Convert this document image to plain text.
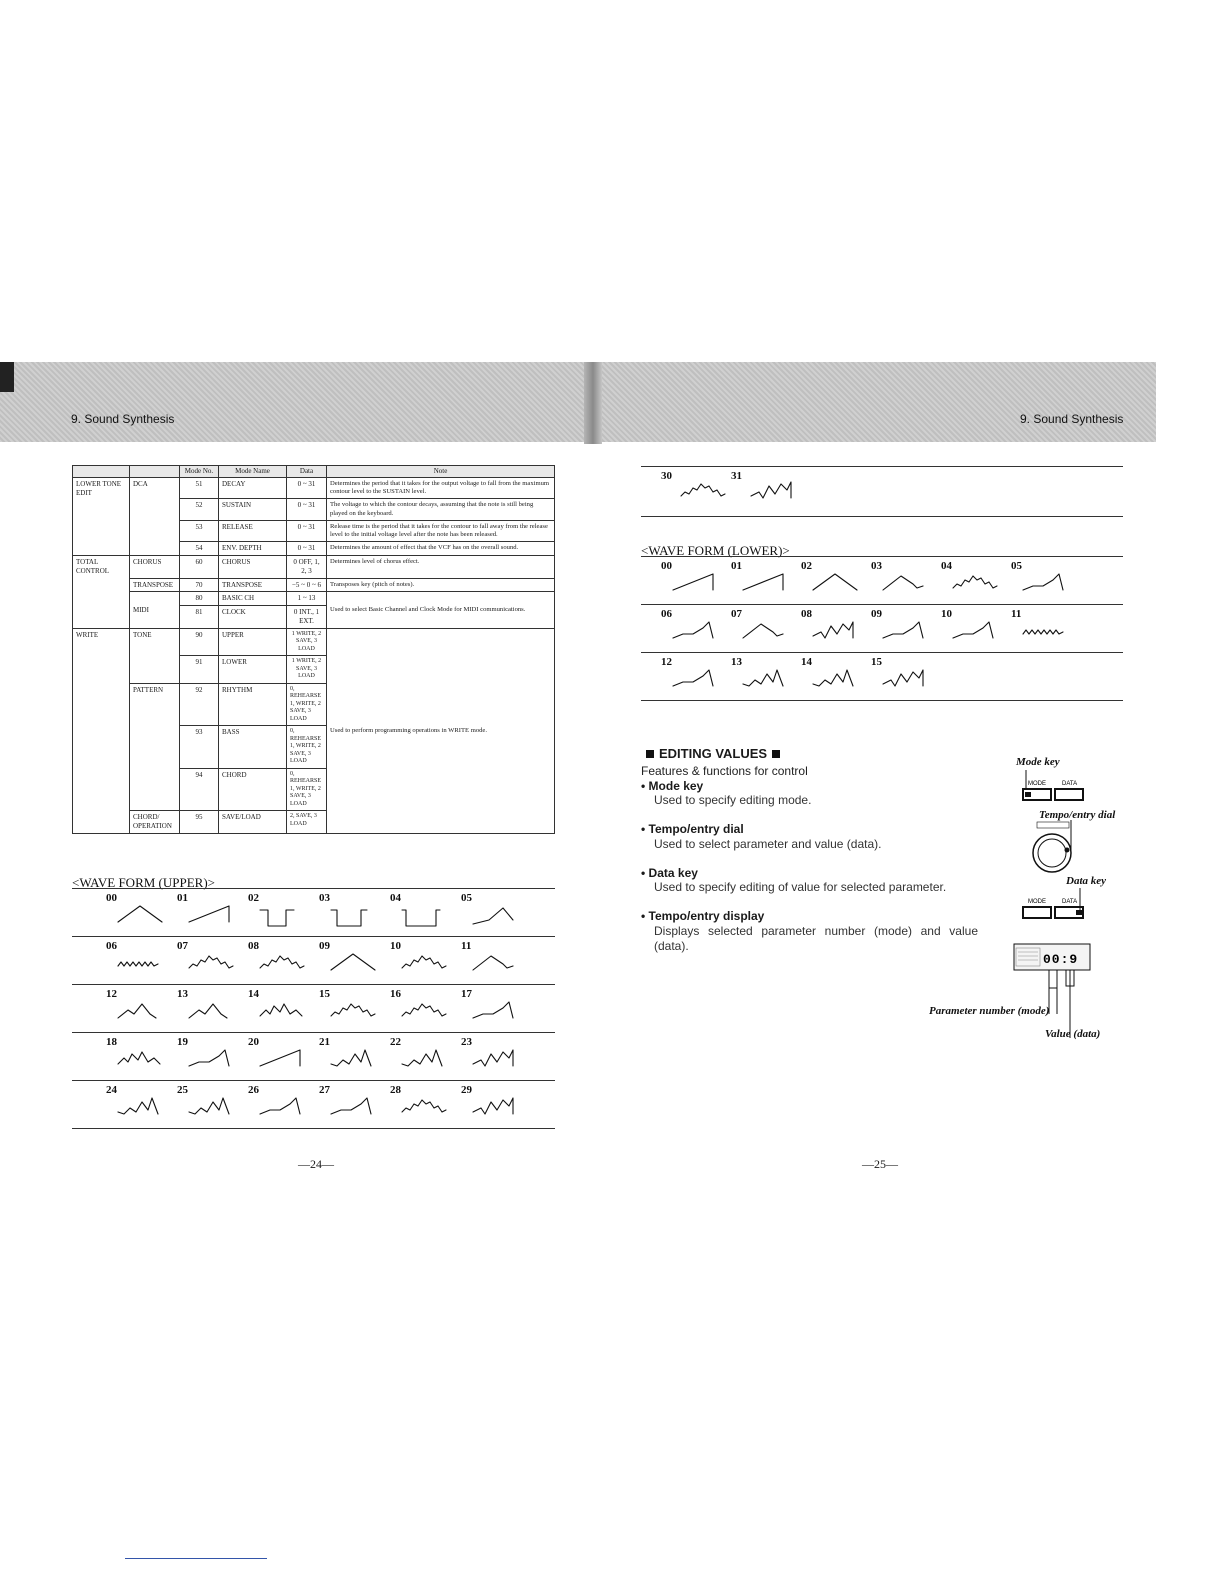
9. Sound Synthesis	9. Sound Synthesis
		Mode No.	Mode Name	Data	Note
LOWER TONE EDIT	DCA	51	DECAY	0 ~ 31	Determines the period that it takes for the output voltage to fall from the maximum contour level to the SUSTAIN level.
		52	SUSTAIN	0 ~ 31	The voltage to which the contour decays, assuming that the note is still being played on the keyboard.
		53	RELEASE	0 ~ 31	Release time is the period that it takes for the contour to fall away from the release level to the initial voltage level after the note has been released.
		54	ENV. DEPTH	0 ~ 31	Determines the amount of effect that the VCF has on the overall sound.
TOTAL CONTROL	CHORUS	60	CHORUS	0 OFF, 1, 2, 3	Determines level of chorus effect.
	TRANSPOSE	70	TRANSPOSE	−5 ~ 0 ~ 6	Transposes key (pitch of notes).
	MIDI	80	BASIC CH	1 ~ 13	Used to select Basic Channel and Clock Mode for MIDI communications.
		81	CLOCK	0 INT., 1 EXT.	
WRITE	TONE	90	UPPER	1 WRITE, 2 SAVE, 3 LOAD	Used to perform programming operations in WRITE mode.
		91	LOWER	1 WRITE, 2 SAVE, 3 LOAD	
	PATTERN	92	RHYTHM	0, REHEARSE 1, WRITE, 2 SAVE, 3 LOAD	
		93	BASS	0, REHEARSE 1, WRITE, 2 SAVE, 3 LOAD	
		94	CHORD	0, REHEARSE 1, WRITE, 2 SAVE, 3 LOAD	
	CHORD/ OPERATION	95	SAVE/LOAD	2, SAVE, 3 LOAD	
<WAVE FORM (UPPER)>
00	01	02	03	04	05
06	07	08	09	10	11
12	13	14	15	16	17
18	19	20	21	22	23
24	25	26	27	28	29
30	31
<WAVE FORM (LOWER)>
00	01	02	03	04	05
06	07	08	09	10	11
12	13	14	15
EDITING VALUES
Features & functions for control
• Mode key
Used to specify editing mode.
• Tempo/entry dial
Used to select parameter and value (data).
• Data key
Used to specify editing of value for selected parameter.
• Tempo/entry display
Displays selected parameter number (mode) and value (data).
Mode key
MODE	DATA
Tempo/entry dial
Data key
MODE	DATA
00:9
Parameter number (mode)
Value (data)
—24—	—25—
